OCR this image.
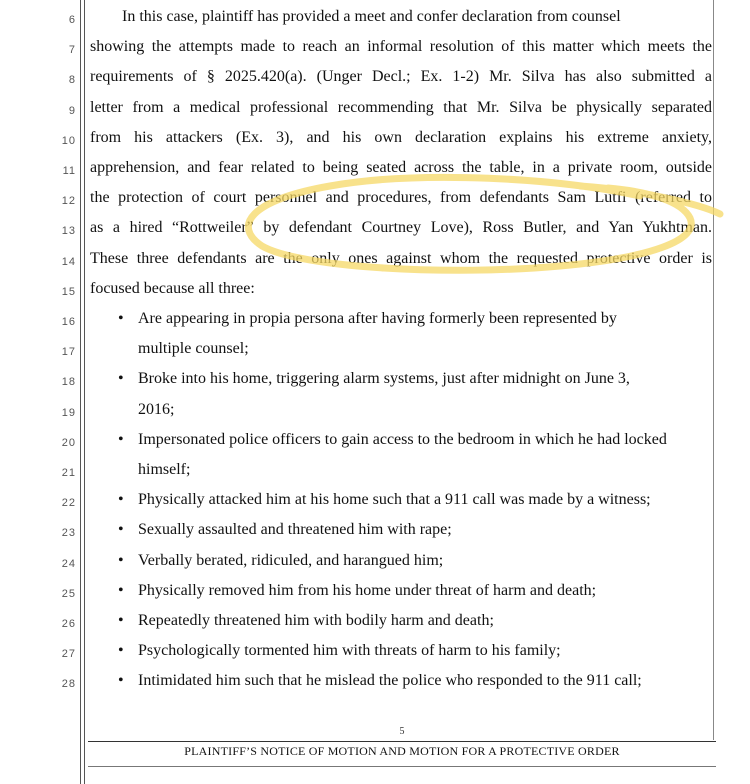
6
7
8
9
10
11
12
13
14
15
16
17
18
19
20
21
22
23
24
25
26
27
28
  In this case, plaintiff has provided a meet and confer declaration from counsel
showing the attempts made to reach an informal resolution of this matter which meets the
requirements of § 2025.420(a). (Unger Decl.; Ex. 1-2) Mr. Silva has also submitted a
letter from a medical professional recommending that Mr. Silva be physically separated
from his attackers (Ex. 3), and his own declaration explains his extreme anxiety,
apprehension, and fear related to being seated across the table, in a private room, outside
the protection of court personnel and procedures, from defendants Sam Lutfi (referred to
as a hired “Rottweiler” by defendant Courtney Love), Ross Butler, and Yan Yukhtman.
These three defendants are the only ones against whom the requested protective order is
focused because all three:
• Are appearing in propia persona after having formerly been represented by
multiple counsel;
• Broke into his home, triggering alarm systems, just after midnight on June 3,
2016;
• Impersonated police officers to gain access to the bedroom in which he had locked
himself;
• Physically attacked him at his home such that a 911 call was made by a witness;
• Sexually assaulted and threatened him with rape;
• Verbally berated, ridiculed, and harangued him;
• Physically removed him from his home under threat of harm and death;
• Repeatedly threatened him with bodily harm and death;
• Psychologically tormented him with threats of harm to his family;
• Intimidated him such that he mislead the police who responded to the 911 call;
5
PLAINTIFF’S NOTICE OF MOTION AND MOTION FOR A PROTECTIVE ORDER
